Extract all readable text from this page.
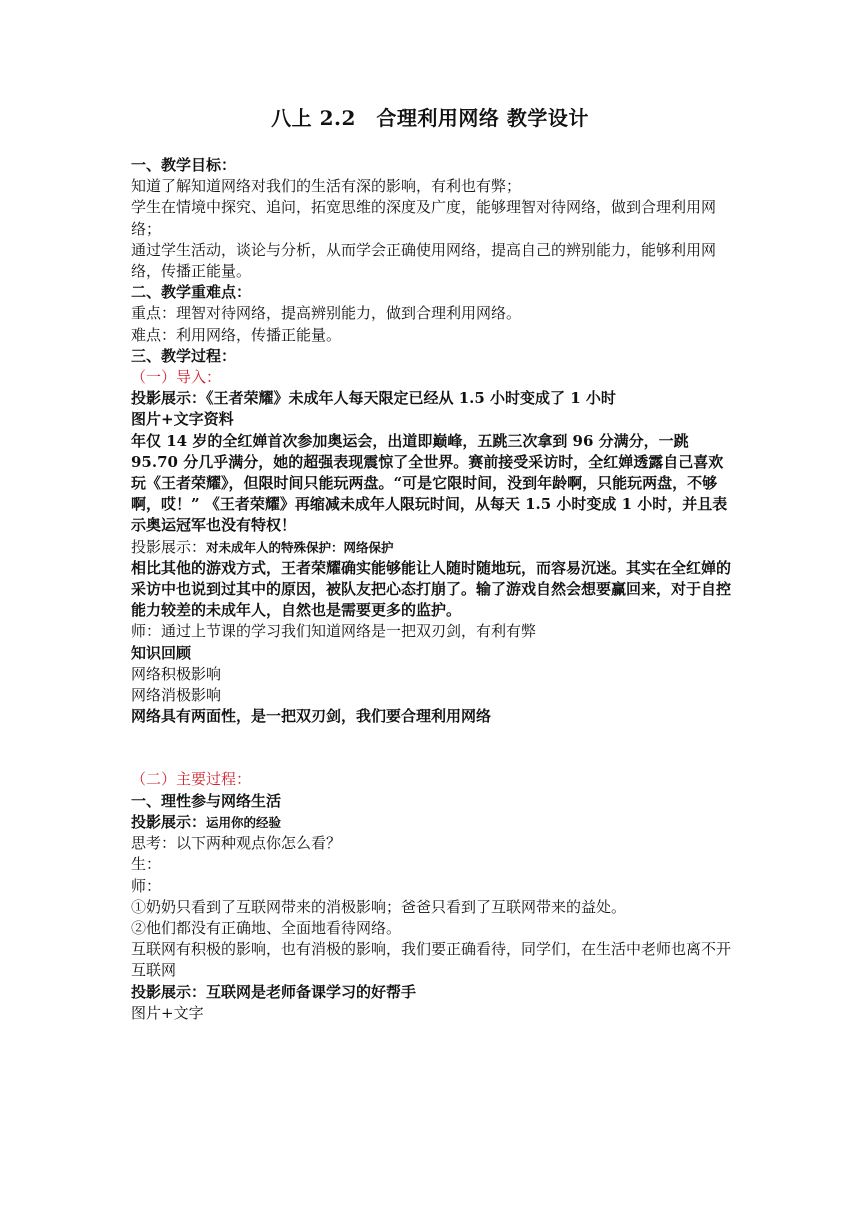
八上 2.2　合理利用网络 教学设计
一、教学目标：
知道了解知道网络对我们的生活有深的影响，有利也有弊；
学生在情境中探究、追问，拓宽思维的深度及广度，能够理智对待网络，做到合理利用网络；
通过学生活动，谈论与分析，从而学会正确使用网络，提高自己的辨别能力，能够利用网络，传播正能量。
二、教学重难点：
重点：理智对待网络，提高辨别能力，做到合理利用网络。
难点：利用网络，传播正能量。
三、教学过程：
（一）导入：
投影展示：《王者荣耀》未成年人每天限定已经从 1.5 小时变成了 1 小时
图片+文字资料
年仅 14 岁的全红婵首次参加奥运会，出道即巅峰，五跳三次拿到 96 分满分，一跳 95.70 分几乎满分，她的超强表现震惊了全世界。赛前接受采访时，全红婵透露自己喜欢玩《王者荣耀》，但限时间只能玩两盘。“可是它限时间，没到年龄啊，只能玩两盘，不够啊，哎！” 《王者荣耀》再缩减未成年人限玩时间，从每天 1.5 小时变成 1 小时，并且表示奥运冠军也没有特权！
投影展示：对未成年人的特殊保护：网络保护
相比其他的游戏方式，王者荣耀确实能够能让人随时随地玩，而容易沉迷。其实在全红婵的采访中也说到过其中的原因，被队友把心态打崩了。输了游戏自然会想要赢回来，对于自控能力较差的未成年人，自然也是需要更多的监护。
师：通过上节课的学习我们知道网络是一把双刃剑，有利有弊
知识回顾
网络积极影响
网络消极影响
网络具有两面性，是一把双刃剑，我们要合理利用网络
（二）主要过程：
一、理性参与网络生活
投影展示：运用你的经验
思考：以下两种观点你怎么看？
生：
师：
①奶奶只看到了互联网带来的消极影响；爸爸只看到了互联网带来的益处。
②他们都没有正确地、全面地看待网络。
互联网有积极的影响，也有消极的影响，我们要正确看待，同学们，在生活中老师也离不开互联网
投影展示：互联网是老师备课学习的好帮手
图片+文字
